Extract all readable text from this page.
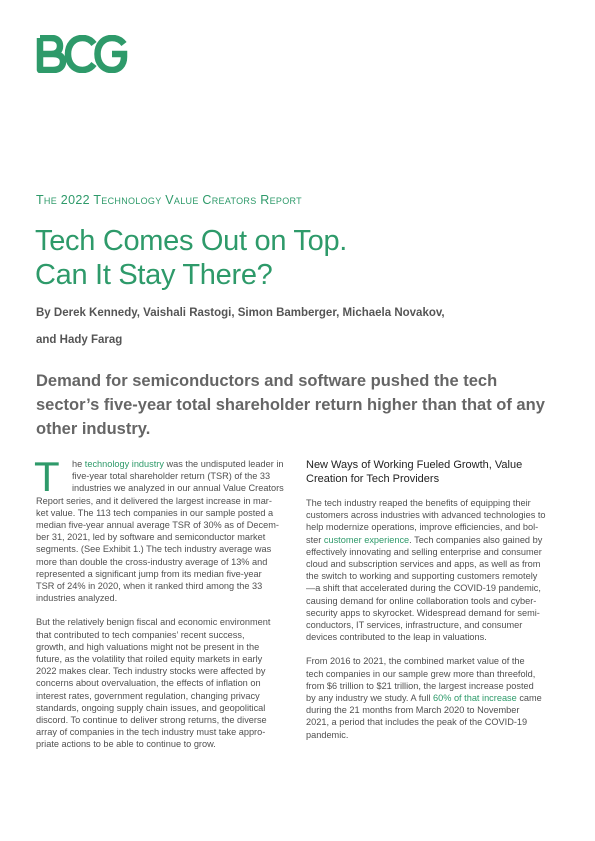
The 2022 Technology Value Creators Report
Tech Comes Out on Top.
Can It Stay There?
By Derek Kennedy, Vaishali Rastogi, Simon Bamberger, Michaela Novakov,
and Hady Farag
Demand for semiconductors and software pushed the tech
sector’s five-year total shareholder return higher than that of any
other industry.
T	he technology industry was the undisputed leader in
five-year total shareholder return (TSR) of the 33
industries we analyzed in our annual Value Creators
Report series, and it delivered the largest increase in mar-
ket value. The 113 tech companies in our sample posted a
median five-year annual average TSR of 30% as of Decem-
ber 31, 2021, led by software and semiconductor market
segments. (See Exhibit 1.) The tech industry average was
more than double the cross-industry average of 13% and
represented a significant jump from its median five-year
TSR of 24% in 2020, when it ranked third among the 33
industries analyzed.

But the relatively benign fiscal and economic environment
that contributed to tech companies’ recent success,
growth, and high valuations might not be present in the
future, as the volatility that roiled equity markets in early
2022 makes clear. Tech industry stocks were affected by
concerns about overvaluation, the effects of inflation on
interest rates, government regulation, changing privacy
standards, ongoing supply chain issues, and geopolitical
discord. To continue to deliver strong returns, the diverse
array of companies in the tech industry must take appro-
priate actions to be able to continue to grow.

New Ways of Working Fueled Growth, Value
Creation for Tech Providers

The tech industry reaped the benefits of equipping their
customers across industries with advanced technologies to
help modernize operations, improve efficiencies, and bol-
ster customer experience. Tech companies also gained by
effectively innovating and selling enterprise and consumer
cloud and subscription services and apps, as well as from
the switch to working and supporting customers remotely
—a shift that accelerated during the COVID-19 pandemic,
causing demand for online collaboration tools and cyber-
security apps to skyrocket. Widespread demand for semi-
conductors, IT services, infrastructure, and consumer
devices contributed to the leap in valuations.

From 2016 to 2021, the combined market value of the
tech companies in our sample grew more than threefold,
from $6 trillion to $21 trillion, the largest increase posted
by any industry we study. A full 60% of that increase came
during the 21 months from March 2020 to November
2021, a period that includes the peak of the COVID-19
pandemic.
